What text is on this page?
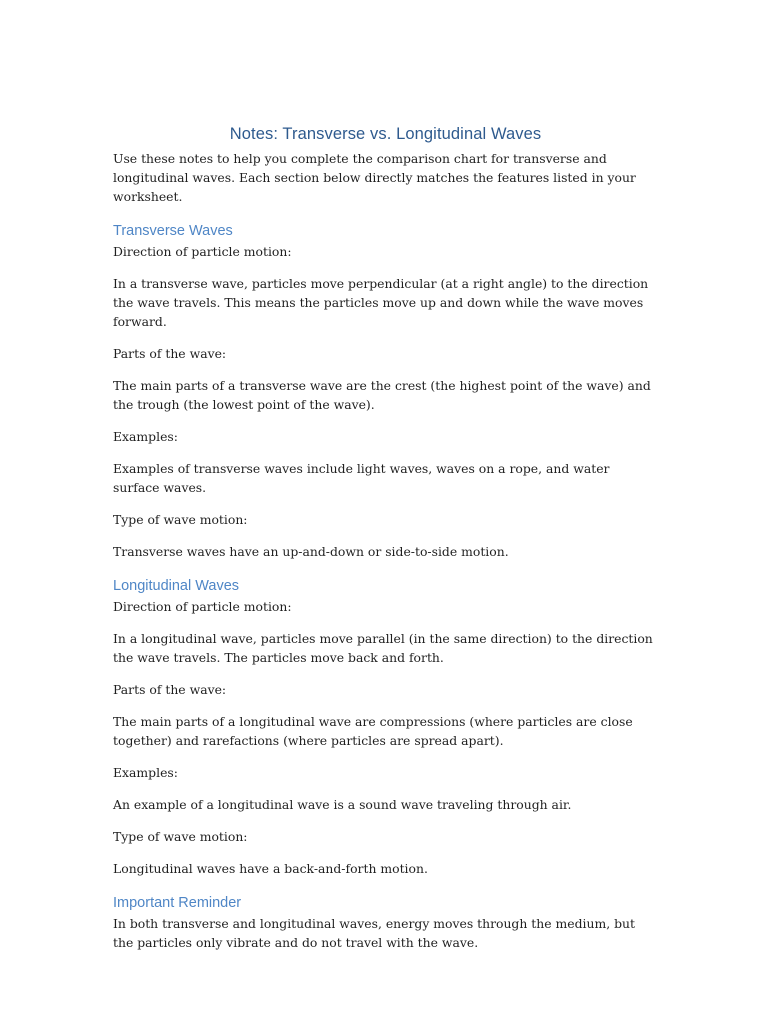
Notes: Transverse vs. Longitudinal Waves

Use these notes to help you complete the comparison chart for transverse and longitudinal waves. Each section below directly matches the features listed in your worksheet.

Transverse Waves

Direction of particle motion:

In a transverse wave, particles move perpendicular (at a right angle) to the direction the wave travels. This means the particles move up and down while the wave moves forward.

Parts of the wave:

The main parts of a transverse wave are the crest (the highest point of the wave) and the trough (the lowest point of the wave).

Examples:

Examples of transverse waves include light waves, waves on a rope, and water surface waves.

Type of wave motion:

Transverse waves have an up-and-down or side-to-side motion.

Longitudinal Waves

Direction of particle motion:

In a longitudinal wave, particles move parallel (in the same direction) to the direction the wave travels. The particles move back and forth.

Parts of the wave:

The main parts of a longitudinal wave are compressions (where particles are close together) and rarefactions (where particles are spread apart).

Examples:

An example of a longitudinal wave is a sound wave traveling through air.

Type of wave motion:

Longitudinal waves have a back-and-forth motion.

Important Reminder

In both transverse and longitudinal waves, energy moves through the medium, but the particles only vibrate and do not travel with the wave.
